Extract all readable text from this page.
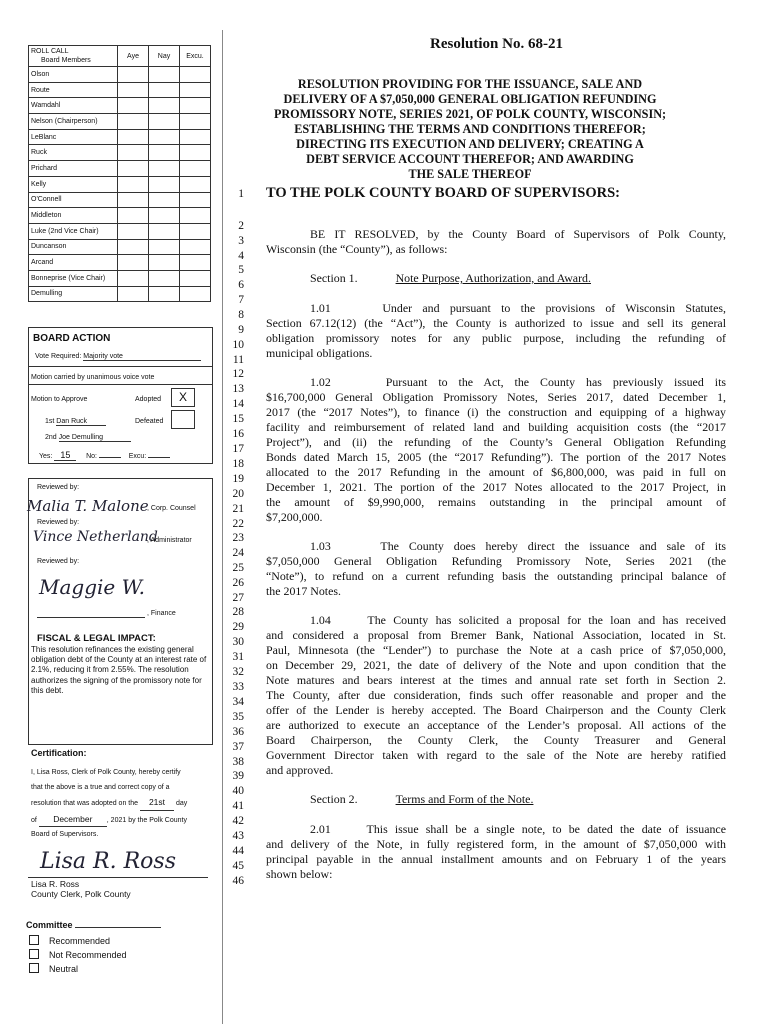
ROLL CALL
Board Members	Aye	Nay	Excu.
Olson			
Route			
Wamdahl			
Nelson (Chairperson)			
LeBlanc			
Ruck			
Prichard			
Kelly			
O'Connell			
Middleton			
Luke (2nd Vice Chair)			
Duncanson			
Arcand			
Bonneprise (Vice Chair)			
Demulling			
BOARD ACTION
Vote Required: Majority vote
Motion carried by unanimous voice vote
Motion to Approve	Adopted	X
1st Dan Ruck	Defeated
2nd Joe Demulling
Yes: 15 No:	Excu:
Reviewed by:
Malia T. Malone
, Corp. Counsel
Reviewed by:
Vince Netherland
, Administrator
Reviewed by:
Maggie W.
, Finance
FISCAL & LEGAL IMPACT:
This resolution refinances the existing general obligation debt of the County at an interest rate of 2.1%, reducing it from 2.55%. The resolution authorizes the signing of the promissory note for this debt.
Certification:
I, Lisa Ross, Clerk of Polk County, hereby certify
that the above is a true and correct copy of a
resolution that was adopted on the 21st day
of December , 2021 by the Polk County
Board of Supervisors.
Lisa R. Ross
Lisa R. Ross
County Clerk, Polk County
Committee
Recommended
Not Recommended
Neutral
Resolution No. 68-21
RESOLUTION PROVIDING FOR THE ISSUANCE, SALE AND
DELIVERY OF A $7,050,000 GENERAL OBLIGATION REFUNDING
PROMISSORY NOTE, SERIES 2021, OF POLK COUNTY, WISCONSIN;
ESTABLISHING THE TERMS AND CONDITIONS THEREFOR;
DIRECTING ITS EXECUTION AND DELIVERY; CREATING A
DEBT SERVICE ACCOUNT THEREFOR; AND AWARDING
THE SALE THEREOF
1
2
3
4
5
6
7
8
9
10
11
12
13
14
15
16
17
18
19
20
21
22
23
24
25
26
27
28
29
30
31
32
33
34
35
36
37
38
39
40
41
42
43
44
45
46
TO THE POLK COUNTY BOARD OF SUPERVISORS:
BE IT RESOLVED, by the County Board of Supervisors of Polk County,
Wisconsin (the “County”), as follows:
Section 1.	Note Purpose, Authorization, and Award.
1.01     Under and pursuant to the provisions of Wisconsin Statutes,
Section 67.12(12) (the “Act”), the County is authorized to issue and sell its general
obligation promissory notes for any public purpose, including the refunding of
municipal obligations.
1.02     Pursuant to the Act, the County has previously issued its
$16,700,000 General Obligation Promissory Notes, Series 2017, dated December 1,
2017 (the “2017 Notes”), to finance (i) the construction and equipping of a highway
facility and reimbursement of related land and building acquisition costs (the “2017
Project”), and (ii) the refunding of the County’s General Obligation Refunding
Bonds dated March 15, 2005 (the “2017 Refunding”). The portion of the 2017 Notes
allocated to the 2017 Refunding in the amount of $6,800,000, was paid in full on
December 1, 2021. The portion of the 2017 Notes allocated to the 2017 Project, in
the amount of $9,990,000, remains outstanding in the principal amount of
$7,200,000.
1.03     The County does hereby direct the issuance and sale of its
$7,050,000 General Obligation Refunding Promissory Note, Series 2021 (the
“Note”), to refund on a current refunding basis the outstanding principal balance of
the 2017 Notes.
1.04     The County has solicited a proposal for the loan and has received
and considered a proposal from Bremer Bank, National Association, located in St.
Paul, Minnesota (the “Lender”) to purchase the Note at a cash price of $7,050,000,
on December 29, 2021, the date of delivery of the Note and upon condition that the
Note matures and bears interest at the times and annual rate set forth in Section 2.
The County, after due consideration, finds such offer reasonable and proper and the
offer of the Lender is hereby accepted. The Board Chairperson and the County Clerk
are authorized to execute an acceptance of the Lender’s proposal. All actions of the
Board Chairperson, the County Clerk, the County Treasurer and General
Government Director taken with regard to the sale of the Note are hereby ratified
and approved.
Section 2.	Terms and Form of the Note.
2.01     This issue shall be a single note, to be dated the date of issuance
and delivery of the Note, in fully registered form, in the amount of $7,050,000 with
principal payable in the annual installment amounts and on February 1 of the years
shown below:
